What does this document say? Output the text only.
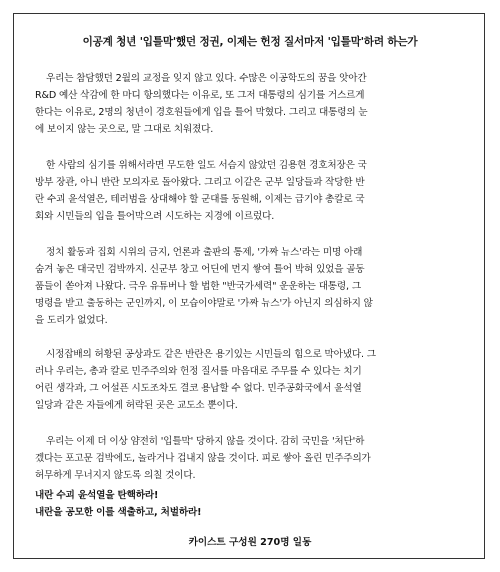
이공계 청년 '입틀막'했던 정권, 이제는 헌정 질서마저 '입틀막'하려 하는가

우리는 참담했던 2월의 교정을 잊지 않고 있다. 수많은 이공학도의 꿈을 앗아간
R&D 예산 삭감에 한 마디 항의했다는 이유로, 또 그저 대통령의 심기를 거스르게
한다는 이유로, 2명의 청년이 경호원들에게 입을 틀어 막혔다. 그리고 대통령의 눈
에 보이지 않는 곳으로, 말 그대로 치워졌다.

한 사람의 심기를 위해서라면 무도한 일도 서슴지 않았던 김용현 경호처장은 국
방부 장관, 아니 반란 모의자로 돌아왔다. 그리고 이같은 군부 일당들과 작당한 반
란 수괴 윤석열은, 테러범을 상대해야 할 군대를 동원해, 이제는 급기야 총칼로 국
회와 시민들의 입을 틀어막으려 시도하는 지경에 이르렀다.

정치 활동과 집회 시위의 금지, 언론과 출판의 통제, '가짜 뉴스'라는 미명 아래
숨겨 놓은 대국민 검박까지. 신군부 창고 어딘에 먼지 쌓여 틀어 박혀 있었을 골동
품들이 쏟아져 나왔다. 극우 유튜버나 할 법한 "반국가세력" 운운하는 대통령, 그
명령을 받고 출동하는 군인까지, 이 모습이야말로 '가짜 뉴스'가 아닌지 의심하지 않
을 도리가 없었다.

시정잡배의 허황된 공상과도 같은 반란은 용기있는 시민들의 힘으로 막아냈다. 그
러나 우리는, 총과 칼로 민주주의와 헌정 질서를 마음대로 주무를 수 있다는 치기
어린 생각과, 그 어설픈 시도조차도 결코 용납할 수 없다. 민주공화국에서 윤석열
일당과 같은 자들에게 허락된 곳은 교도소 뿐이다.

우리는 이제 더 이상 얌전히 '입틀막' 당하지 않을 것이다. 감히 국민을 '처단'하
겠다는 포고문 검박에도, 놀라거나 겁내지 않을 것이다. 피로 쌓아 올린 민주주의가
허무하게 무너지지 않도록 의칠 것이다.

내란 수괴 윤석열을 탄핵하라!
내란을 공모한 이를 색출하고, 처벌하라!

카이스트 구성원 270명 일동
